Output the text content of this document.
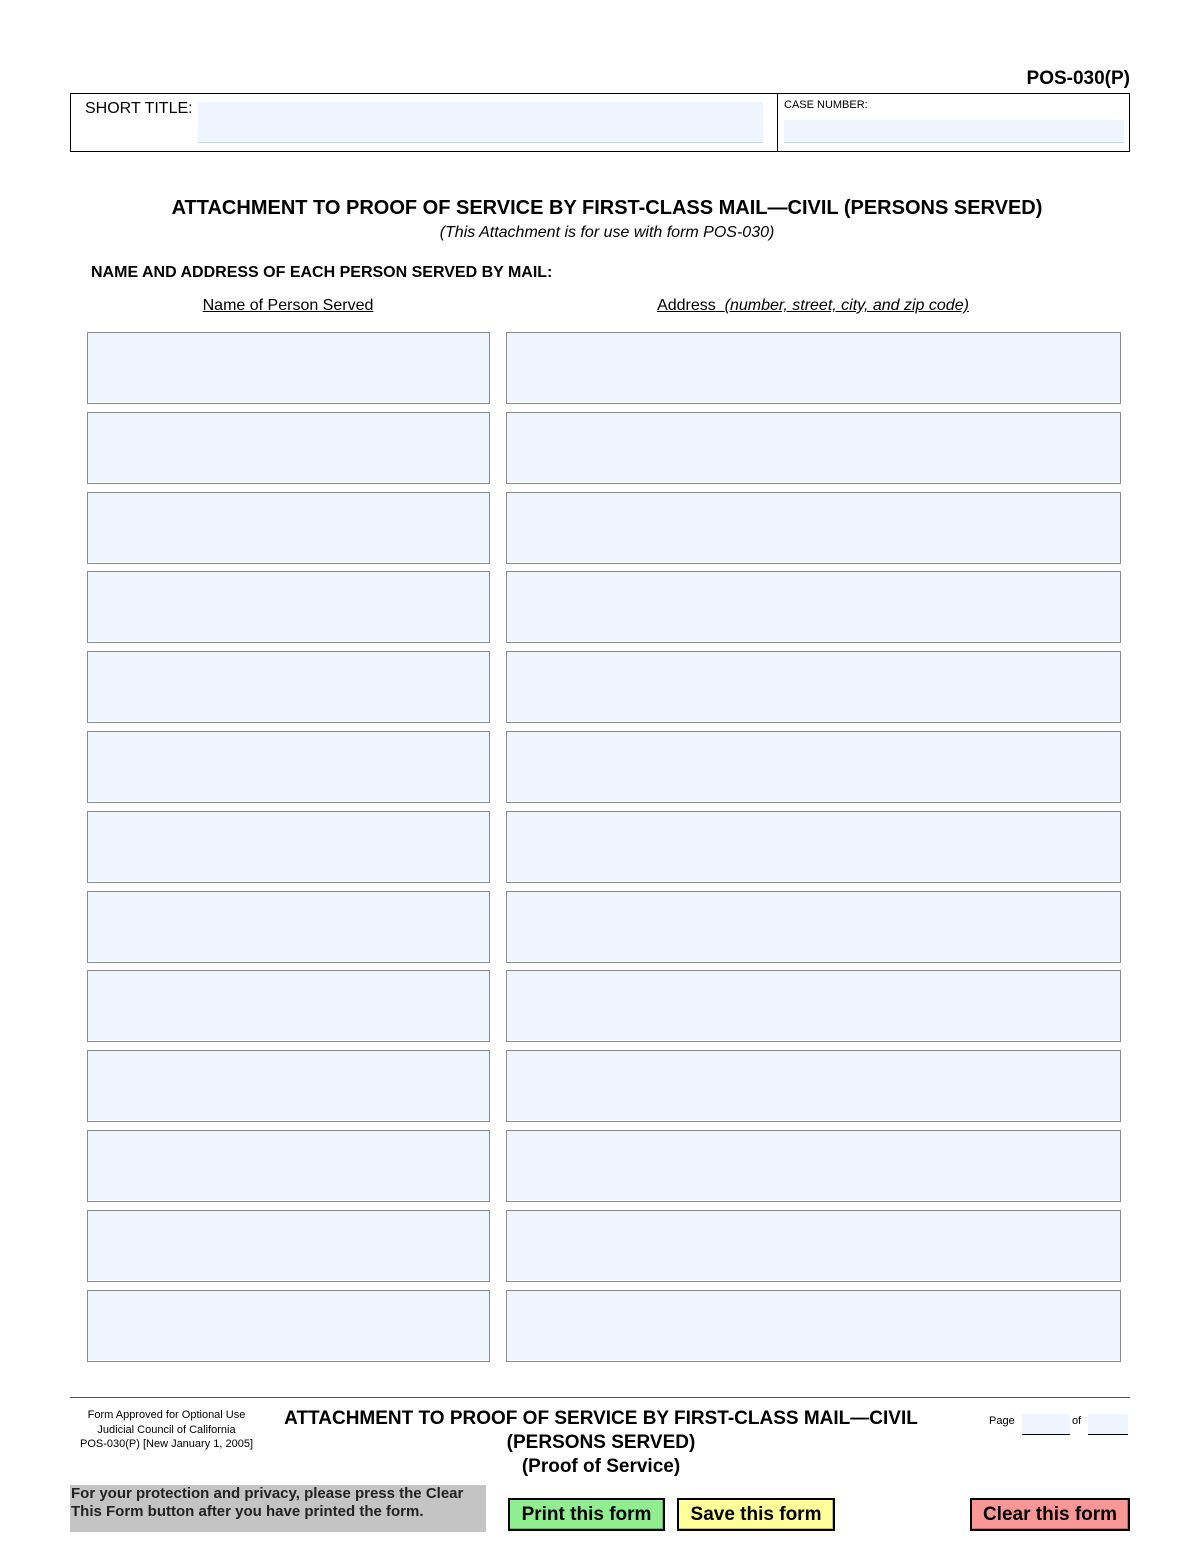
POS-030(P)
SHORT TITLE:	CASE NUMBER:
ATTACHMENT TO PROOF OF SERVICE BY FIRST-CLASS MAIL—CIVIL (PERSONS SERVED)
(This Attachment is for use with form POS-030)
NAME AND ADDRESS OF EACH PERSON SERVED BY MAIL:
Name of Person Served	Address (number, street, city, and zip code)
Form Approved for Optional Use
Judicial Council of California
POS-030(P) [New January 1, 2005]
ATTACHMENT TO PROOF OF SERVICE BY FIRST-CLASS MAIL—CIVIL
(PERSONS SERVED)
(Proof of Service)
Page	of
For your protection and privacy, please press the Clear This Form button after you have printed the form.	Print this form	Save this form	Clear this form
